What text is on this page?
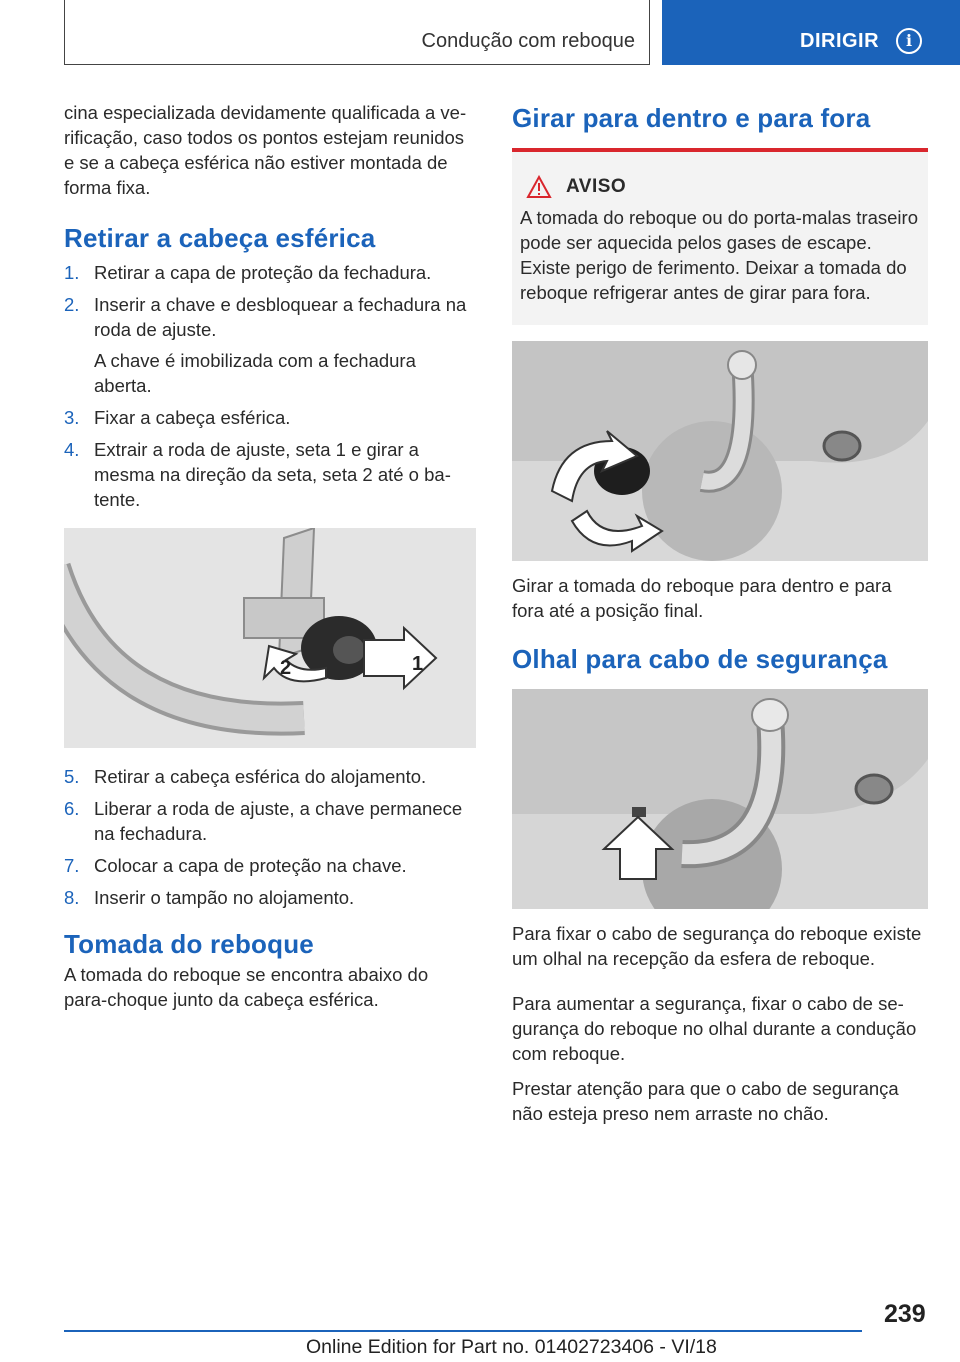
Condução com reboque	DIRIGIR	i

cina especializada devidamente qualificada a verificação, caso todos os pontos estejam reunidos e se a cabeça esférica não estiver montada de forma fixa.

Retirar a cabeça esférica
1. Retirar a capa de proteção da fechadura.
2. Inserir a chave e desbloquear a fechadura na roda de ajuste.
A chave é imobilizada com a fechadura aberta.
3. Fixar a cabeça esférica.
4. Extrair a roda de ajuste, seta 1 e girar a mesma na direção da seta, seta 2 até o batente.
1
2
5. Retirar a cabeça esférica do alojamento.
6. Liberar a roda de ajuste, a chave permanece na fechadura.
7. Colocar a capa de proteção na chave.
8. Inserir o tampão no alojamento.
Tomada do reboque

A tomada do reboque se encontra abaixo do para-choque junto da cabeça esférica.

Girar para dentro e para fora
AVISO

A tomada do reboque ou do porta-malas traseiro pode ser aquecida pelos gases de escape. Existe perigo de ferimento. Deixar a tomada do reboque refrigerar antes de girar para fora.

Girar a tomada do reboque para dentro e para fora até a posição final.

Olhal para cabo de segurança

Para fixar o cabo de segurança do reboque existe um olhal na recepção da esfera de reboque.

Para aumentar a segurança, fixar o cabo de segurança do reboque no olhal durante a condução com reboque.

Prestar atenção para que o cabo de segurança não esteja preso nem arraste no chão.

239
Online Edition for Part no. 01402723406 - VI/18
